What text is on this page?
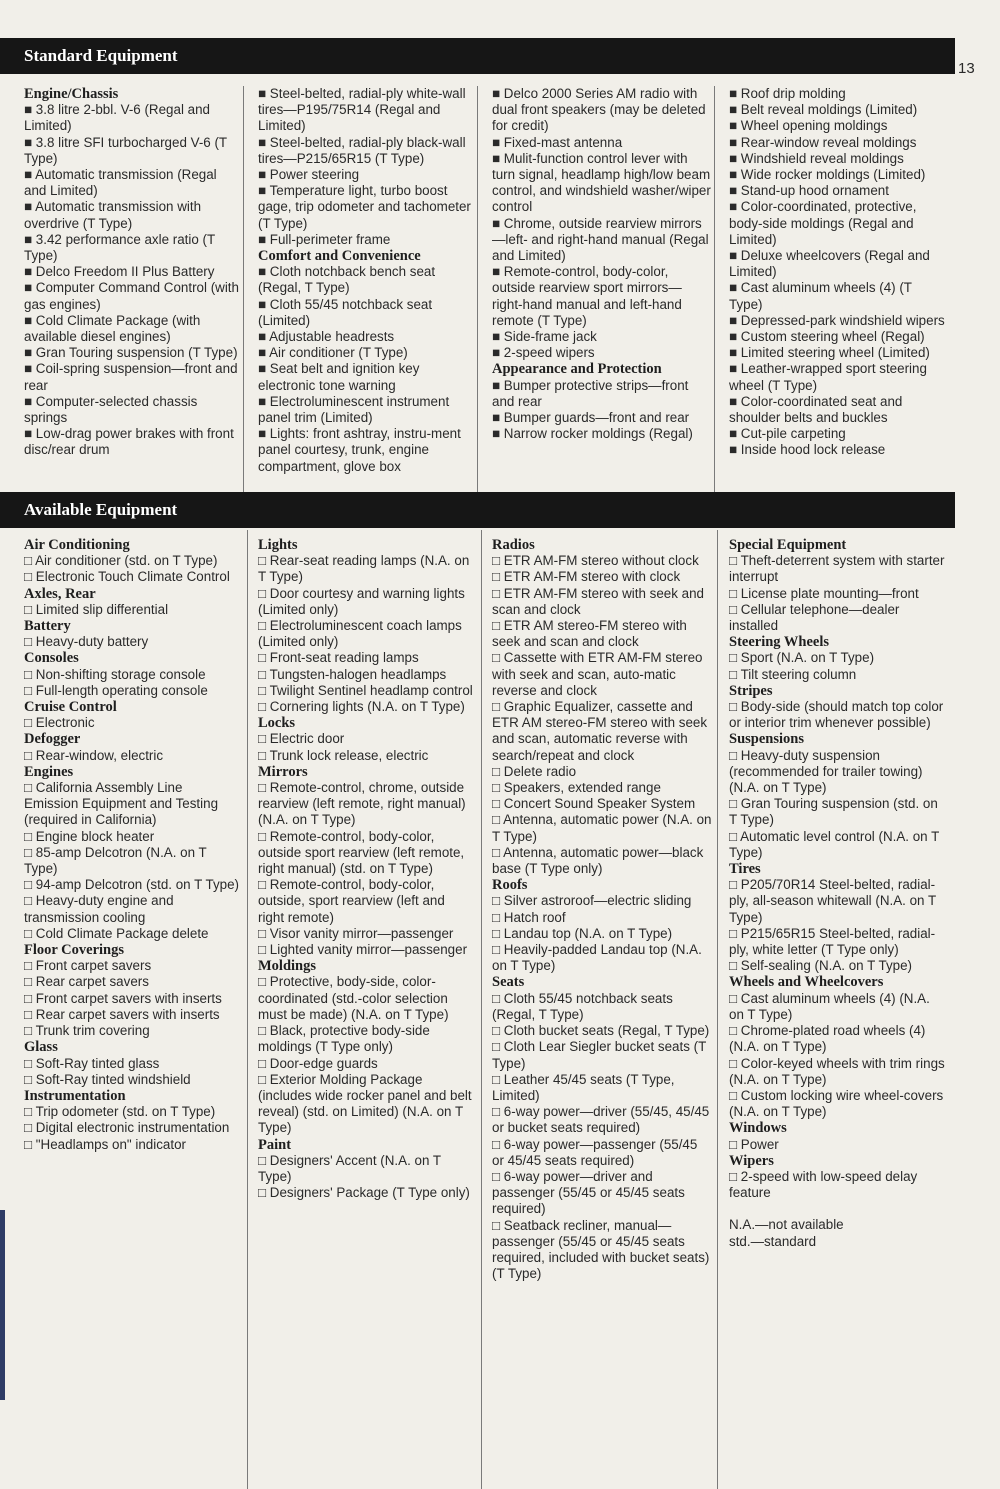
13
Standard Equipment
Available Equipment
Engine/Chassis
■ 3.8 litre 2-bbl. V-6 (Regal and Limited)
■ 3.8 litre SFI turbocharged V-6 (T Type)
■ Automatic transmission (Regal and Limited)
■ Automatic transmission with overdrive (T Type)
■ 3.42 performance axle ratio (T Type)
■ Delco Freedom II Plus Battery
■ Computer Command Control (with gas engines)
■ Cold Climate Package (with available diesel engines)
■ Gran Touring suspension (T Type)
■ Coil-spring suspension—front and rear
■ Computer-selected chassis springs
■ Low-drag power brakes with front disc/rear drum
■ Steel-belted, radial-ply white-wall tires—P195/75R14 (Regal and Limited)
■ Steel-belted, radial-ply black-wall tires—P215/65R15 (T Type)
■ Power steering
■ Temperature light, turbo boost gage, trip odometer and tachometer (T Type)
■ Full-perimeter frame
Comfort and Convenience
■ Cloth notchback bench seat (Regal, T Type)
■ Cloth 55/45 notchback seat (Limited)
■ Adjustable headrests
■ Air conditioner (T Type)
■ Seat belt and ignition key electronic tone warning
■ Electroluminescent instrument panel trim (Limited)
■ Lights: front ashtray, instru-ment panel courtesy, trunk, engine compartment, glove box
■ Delco 2000 Series AM radio with dual front speakers (may be deleted for credit)
■ Fixed-mast antenna
■ Mulit-function control lever with turn signal, headlamp high/low beam control, and windshield washer/wiper control
■ Chrome, outside rearview mirrors—left- and right-hand manual (Regal and Limited)
■ Remote-control, body-color, outside rearview sport mirrors—right-hand manual and left-hand remote (T Type)
■ Side-frame jack
■ 2-speed wipers
Appearance and Protection
■ Bumper protective strips—front and rear
■ Bumper guards—front and rear
■ Narrow rocker moldings (Regal)
■ Roof drip molding
■ Belt reveal moldings (Limited)
■ Wheel opening moldings
■ Rear-window reveal moldings
■ Windshield reveal moldings
■ Wide rocker moldings (Limited)
■ Stand-up hood ornament
■ Color-coordinated, protective, body-side moldings (Regal and Limited)
■ Deluxe wheelcovers (Regal and Limited)
■ Cast aluminum wheels (4) (T Type)
■ Depressed-park windshield wipers
■ Custom steering wheel (Regal)
■ Limited steering wheel (Limited)
■ Leather-wrapped sport steering wheel (T Type)
■ Color-coordinated seat and shoulder belts and buckles
■ Cut-pile carpeting
■ Inside hood lock release
Air Conditioning
□ Air conditioner (std. on T Type)
□ Electronic Touch Climate Control
Axles, Rear
□ Limited slip differential
Battery
□ Heavy-duty battery
Consoles
□ Non-shifting storage console
□ Full-length operating console
Cruise Control
□ Electronic
Defogger
□ Rear-window, electric
Engines
□ California Assembly Line Emission Equipment and Testing (required in California)
□ Engine block heater
□ 85-amp Delcotron (N.A. on T Type)
□ 94-amp Delcotron (std. on T Type)
□ Heavy-duty engine and transmission cooling
□ Cold Climate Package delete
Floor Coverings
□ Front carpet savers
□ Rear carpet savers
□ Front carpet savers with inserts
□ Rear carpet savers with inserts
□ Trunk trim covering
Glass
□ Soft-Ray tinted glass
□ Soft-Ray tinted windshield
Instrumentation
□ Trip odometer (std. on T Type)
□ Digital electronic instrumentation
□ "Headlamps on" indicator
Lights
□ Rear-seat reading lamps (N.A. on T Type)
□ Door courtesy and warning lights (Limited only)
□ Electroluminescent coach lamps (Limited only)
□ Front-seat reading lamps
□ Tungsten-halogen headlamps
□ Twilight Sentinel headlamp control
□ Cornering lights (N.A. on T Type)
Locks
□ Electric door
□ Trunk lock release, electric
Mirrors
□ Remote-control, chrome, outside rearview (left remote, right manual) (N.A. on T Type)
□ Remote-control, body-color, outside sport rearview (left remote, right manual) (std. on T Type)
□ Remote-control, body-color, outside, sport rearview (left and right remote)
□ Visor vanity mirror—passenger
□ Lighted vanity mirror—passenger
Moldings
□ Protective, body-side, color-coordinated (std.-color selection must be made) (N.A. on T Type)
□ Black, protective body-side moldings (T Type only)
□ Door-edge guards
□ Exterior Molding Package (includes wide rocker panel and belt reveal) (std. on Limited) (N.A. on T Type)
Paint
□ Designers' Accent (N.A. on T Type)
□ Designers' Package (T Type only)
Radios
□ ETR AM-FM stereo without clock
□ ETR AM-FM stereo with clock
□ ETR AM-FM stereo with seek and scan and clock
□ ETR AM stereo-FM stereo with seek and scan and clock
□ Cassette with ETR AM-FM stereo with seek and scan, auto-matic reverse and clock
□ Graphic Equalizer, cassette and ETR AM stereo-FM stereo with seek and scan, automatic reverse with search/repeat and clock
□ Delete radio
□ Speakers, extended range
□ Concert Sound Speaker System
□ Antenna, automatic power (N.A. on T Type)
□ Antenna, automatic power—black base (T Type only)
Roofs
□ Silver astroroof—electric sliding
□ Hatch roof
□ Landau top (N.A. on T Type)
□ Heavily-padded Landau top (N.A. on T Type)
Seats
□ Cloth 55/45 notchback seats (Regal, T Type)
□ Cloth bucket seats (Regal, T Type)
□ Cloth Lear Siegler bucket seats (T Type)
□ Leather 45/45 seats (T Type, Limited)
□ 6-way power—driver (55/45, 45/45 or bucket seats required)
□ 6-way power—passenger (55/45 or 45/45 seats required)
□ 6-way power—driver and passenger (55/45 or 45/45 seats required)
□ Seatback recliner, manual—passenger (55/45 or 45/45 seats required, included with bucket seats) (T Type)
Special Equipment
□ Theft-deterrent system with starter interrupt
□ License plate mounting—front
□ Cellular telephone—dealer installed
Steering Wheels
□ Sport (N.A. on T Type)
□ Tilt steering column
Stripes
□ Body-side (should match top color or interior trim whenever possible)
Suspensions
□ Heavy-duty suspension (recommended for trailer towing) (N.A. on T Type)
□ Gran Touring suspension (std. on T Type)
□ Automatic level control (N.A. on T Type)
Tires
□ P205/70R14 Steel-belted, radial-ply, all-season whitewall (N.A. on T Type)
□ P215/65R15 Steel-belted, radial-ply, white letter (T Type only)
□ Self-sealing (N.A. on T Type)
Wheels and Wheelcovers
□ Cast aluminum wheels (4) (N.A. on T Type)
□ Chrome-plated road wheels (4) (N.A. on T Type)
□ Color-keyed wheels with trim rings (N.A. on T Type)
□ Custom locking wire wheel-covers (N.A. on T Type)
Windows
□ Power
Wipers
□ 2-speed with low-speed delay feature
N.A.—not available
std.—standard
